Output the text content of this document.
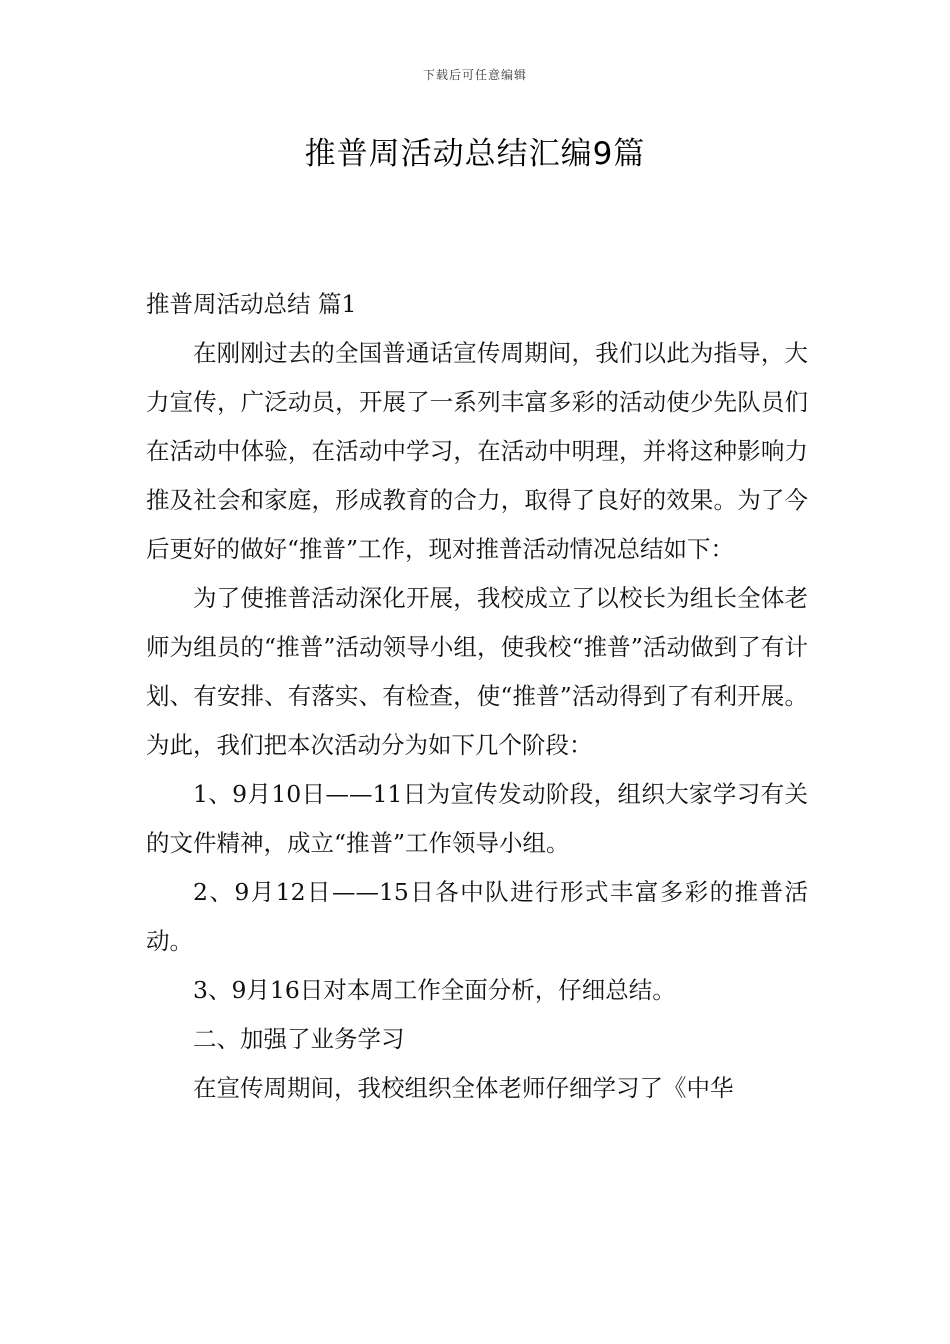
下载后可任意编辑
推普周活动总结汇编9篇

推普周活动总结 篇1

在刚刚过去的全国普通话宣传周期间，我们以此为指导，大力宣传，广泛动员，开展了一系列丰富多彩的活动使少先队员们在活动中体验，在活动中学习，在活动中明理，并将这种影响力推及社会和家庭，形成教育的合力，取得了良好的效果。为了今后更好的做好“推普”工作，现对推普活动情况总结如下：

为了使推普活动深化开展，我校成立了以校长为组长全体老师为组员的“推普”活动领导小组，使我校“推普”活动做到了有计划、有安排、有落实、有检查，使“推普”活动得到了有利开展。为此，我们把本次活动分为如下几个阶段：

1、9月10日——11日为宣传发动阶段，组织大家学习有关的文件精神，成立“推普”工作领导小组。

2、9月12日——15日各中队进行形式丰富多彩的推普活动。

3、9月16日对本周工作全面分析，仔细总结。

二、加强了业务学习

在宣传周期间，我校组织全体老师仔细学习了《中华
